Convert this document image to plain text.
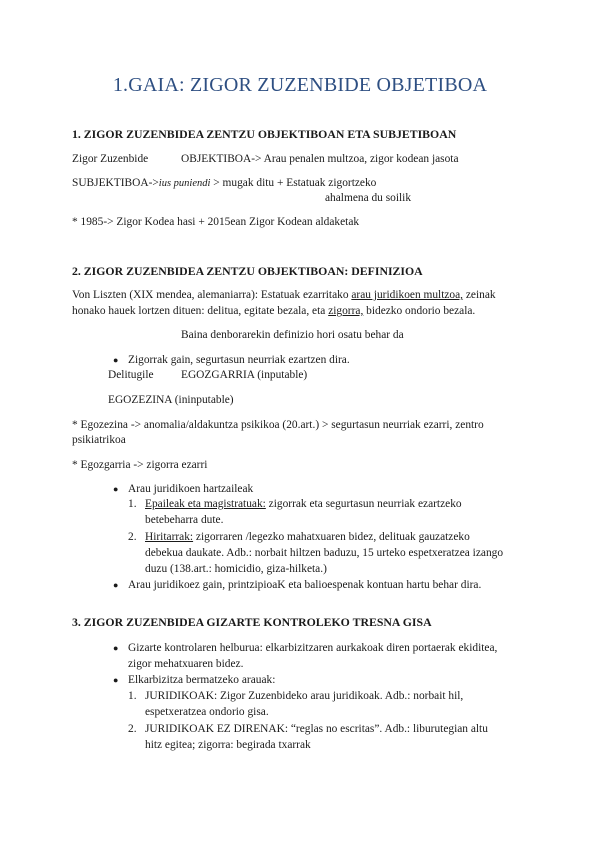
1.GAIA: ZIGOR ZUZENBIDE OBJETIBOA
1. ZIGOR ZUZENBIDEA ZENTZU OBJEKTIBOAN ETA SUBJETIBOAN
Zigor Zuzenbide	OBJEKTIBOA-> Arau penalen multzoa, zigor kodean jasota
SUBJEKTIBOA->ius puniendi > mugak ditu + Estatuak zigortzeko
ahalmena du soilik
* 1985-> Zigor Kodea hasi + 2015ean Zigor Kodean aldaketak
2. ZIGOR ZUZENBIDEA ZENTZU OBJEKTIBOAN: DEFINIZIOA
Von Liszten (XIX mendea, alemaniarra): Estatuak ezarritako arau juridikoen multzoa, zeinak
honako hauek lortzen dituen: delitua, egitate bezala, eta zigorra, bidezko ondorio bezala.
Baina denborarekin definizio hori osatu behar da
● Zigorrak gain, segurtasun neurriak ezartzen dira.
Delitugile EGOZGARRIA (inputable)
EGOZEZINA (ininputable)
* Egozezina -> anomalia/aldakuntza psikikoa (20.art.) > segurtasun neurriak ezarri, zentro
psikiatrikoa
* Egozgarria -> zigorra ezarri
● Arau juridikoen hartzaileak
1. Epaileak eta magistratuak: zigorrak eta segurtasun neurriak ezartzeko
betebeharra dute.
2. Hiritarrak: zigorraren /legezko mahatxuaren bidez, delituak gauzatzeko
debekua daukate. Adb.: norbait hiltzen baduzu, 15 urteko espetxeratzea izango
duzu (138.art.: homicidio, giza-hilketa.)
● Arau juridikoez gain, printzipioaK eta balioespenak kontuan hartu behar dira.
3. ZIGOR ZUZENBIDEA GIZARTE KONTROLEKO TRESNA GISA
● Gizarte kontrolaren helburua: elkarbizitzaren aurkakoak diren portaerak ekiditea,
zigor mehatxuaren bidez.
● Elkarbizitza bermatzeko arauak:
1. JURIDIKOAK: Zigor Zuzenbideko arau juridikoak. Adb.: norbait hil,
espetxeratzea ondorio gisa.
2. JURIDIKOAK EZ DIRENAK: “reglas no escritas”. Adb.: liburutegian altu
hitz egitea; zigorra: begirada txarrak
